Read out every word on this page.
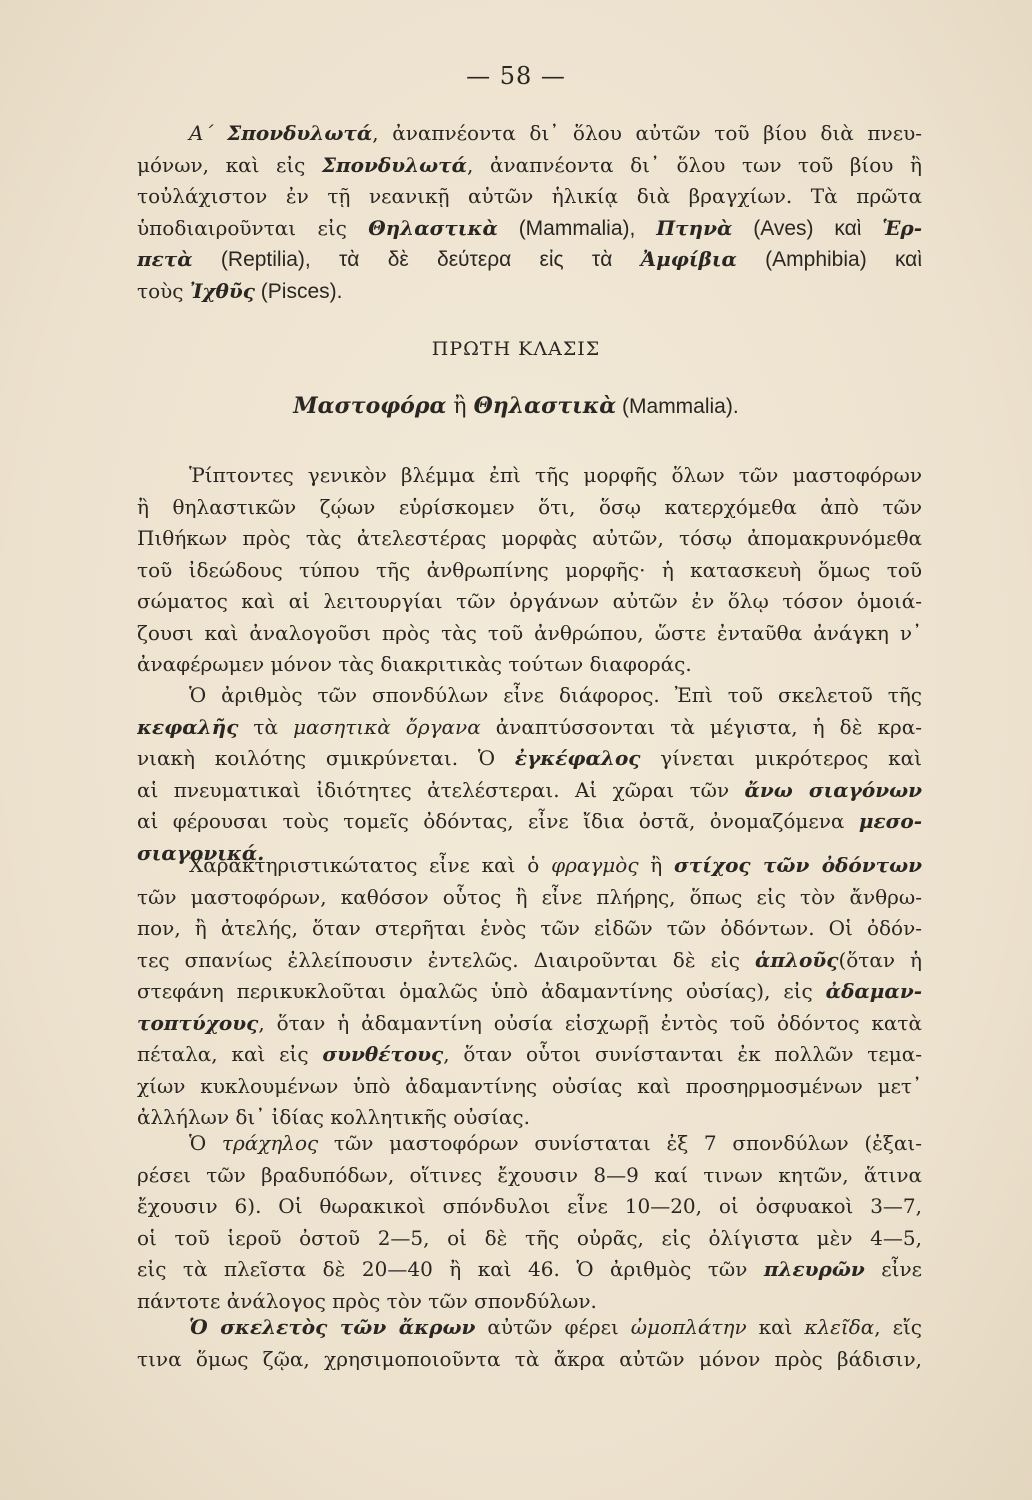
— 58 —
Α΄ Σπονδυλωτά, ἀναπνέοντα δι᾿ ὅλου αὐτῶν τοῦ βίου διὰ πνευ-
μόνων, καὶ εἰς Σπονδυλωτά, ἀναπνέοντα δι᾿ ὅλου των τοῦ βίου ἢ
τοὐλάχιστον ἐν τῇ νεανικῇ αὐτῶν ἡλικίᾳ διὰ βραγχίων. Τὰ πρῶτα
ὑποδιαιροῦνται εἰς Θηλαστικὰ (Mammalia), Πτηνὰ (Aves) καὶ Ἑρ-
πετὰ (Reptilia), τὰ δὲ δεύτερα εἰς τὰ Ἀμφίβια (Amphibia) καὶ
τοὺς Ἰχθῦς (Pisces).
ΠΡΩΤΗ ΚΛΑΣΙΣ
Μαστοφόρα ἢ Θηλαστικὰ (Mammalia).
Ῥίπτοντες γενικὸν βλέμμα ἐπὶ τῆς μορφῆς ὅλων τῶν μαστοφόρων
ἢ θηλαστικῶν ζῴων εὑρίσκομεν ὅτι, ὅσῳ κατερχόμεθα ἀπὸ τῶν
Πιθήκων πρὸς τὰς ἀτελεστέρας μορφὰς αὐτῶν, τόσῳ ἀπομακρυνόμεθα
τοῦ ἰδεώδους τύπου τῆς ἀνθρωπίνης μορφῆς· ἡ κατασκευὴ ὅμως τοῦ
σώματος καὶ αἱ λειτουργίαι τῶν ὀργάνων αὐτῶν ἐν ὅλῳ τόσον ὁμοιά-
ζουσι καὶ ἀναλογοῦσι πρὸς τὰς τοῦ ἀνθρώπου, ὥστε ἐνταῦθα ἀνάγκη ν᾿
ἀναφέρωμεν μόνον τὰς διακριτικὰς τούτων διαφοράς.
Ὁ ἀριθμὸς τῶν σπονδύλων εἶνε διάφορος. Ἐπὶ τοῦ σκελετοῦ τῆς
κεφαλῆς τὰ μασητικὰ ὄργανα ἀναπτύσσονται τὰ μέγιστα, ἡ δὲ κρα-
νιακὴ κοιλότης σμικρύνεται. Ὁ ἐγκέφαλος γίνεται μικρότερος καὶ
αἱ πνευματικαὶ ἰδιότητες ἀτελέστεραι. Αἱ χῶραι τῶν ἄνω σιαγόνων
αἱ φέρουσαι τοὺς τομεῖς ὀδόντας, εἶνε ἴδια ὀστᾶ, ὀνομαζόμενα μεσο-
σιαγονικά.
Χαρακτηριστικώτατος εἶνε καὶ ὁ φραγμὸς ἢ στίχος τῶν ὀδόντων
τῶν μαστοφόρων, καθόσον οὗτος ἢ εἶνε πλήρης, ὅπως εἰς τὸν ἄνθρω-
πον, ἢ ἀτελής, ὅταν στερῆται ἑνὸς τῶν εἰδῶν τῶν ὀδόντων. Οἱ ὀδόν-
τες σπανίως ἐλλείπουσιν ἐντελῶς. Διαιροῦνται δὲ εἰς ἁπλοῦς(ὅταν ἡ
στεφάνη περικυκλοῦται ὁμαλῶς ὑπὸ ἀδαμαντίνης οὐσίας), εἰς ἀδαμαν-
τοπτύχους, ὅταν ἡ ἀδαμαντίνη οὐσία εἰσχωρῇ ἐντὸς τοῦ ὀδόντος κατὰ
πέταλα, καὶ εἰς συνθέτους, ὅταν οὗτοι συνίστανται ἐκ πολλῶν τεμα-
χίων κυκλουμένων ὑπὸ ἀδαμαντίνης οὐσίας καὶ προσηρμοσμένων μετ᾿
ἀλλήλων δι᾿ ἰδίας κολλητικῆς οὐσίας.
Ὁ τράχηλος τῶν μαστοφόρων συνίσταται ἐξ 7 σπονδύλων (ἐξαι-
ρέσει τῶν βραδυπόδων, οἵτινες ἔχουσιν 8—9 καί τινων κητῶν, ἅτινα
ἔχουσιν 6). Οἱ θωρακικοὶ σπόνδυλοι εἶνε 10—20, οἱ ὀσφυακοὶ 3—7,
οἱ τοῦ ἱεροῦ ὀστοῦ 2—5, οἱ δὲ τῆς οὐρᾶς, εἰς ὀλίγιστα μὲν 4—5,
εἰς τὰ πλεῖστα δὲ 20—40 ἢ καὶ 46. Ὁ ἀριθμὸς τῶν πλευρῶν εἶνε
πάντοτε ἀνάλογος πρὸς τὸν τῶν σπονδύλων.
Ὁ σκελετὸς τῶν ἄκρων αὐτῶν φέρει ὠμοπλάτην καὶ κλεῖδα, εἴς
τινα ὅμως ζῷα, χρησιμοποιοῦντα τὰ ἄκρα αὐτῶν μόνον πρὸς βάδισιν,
